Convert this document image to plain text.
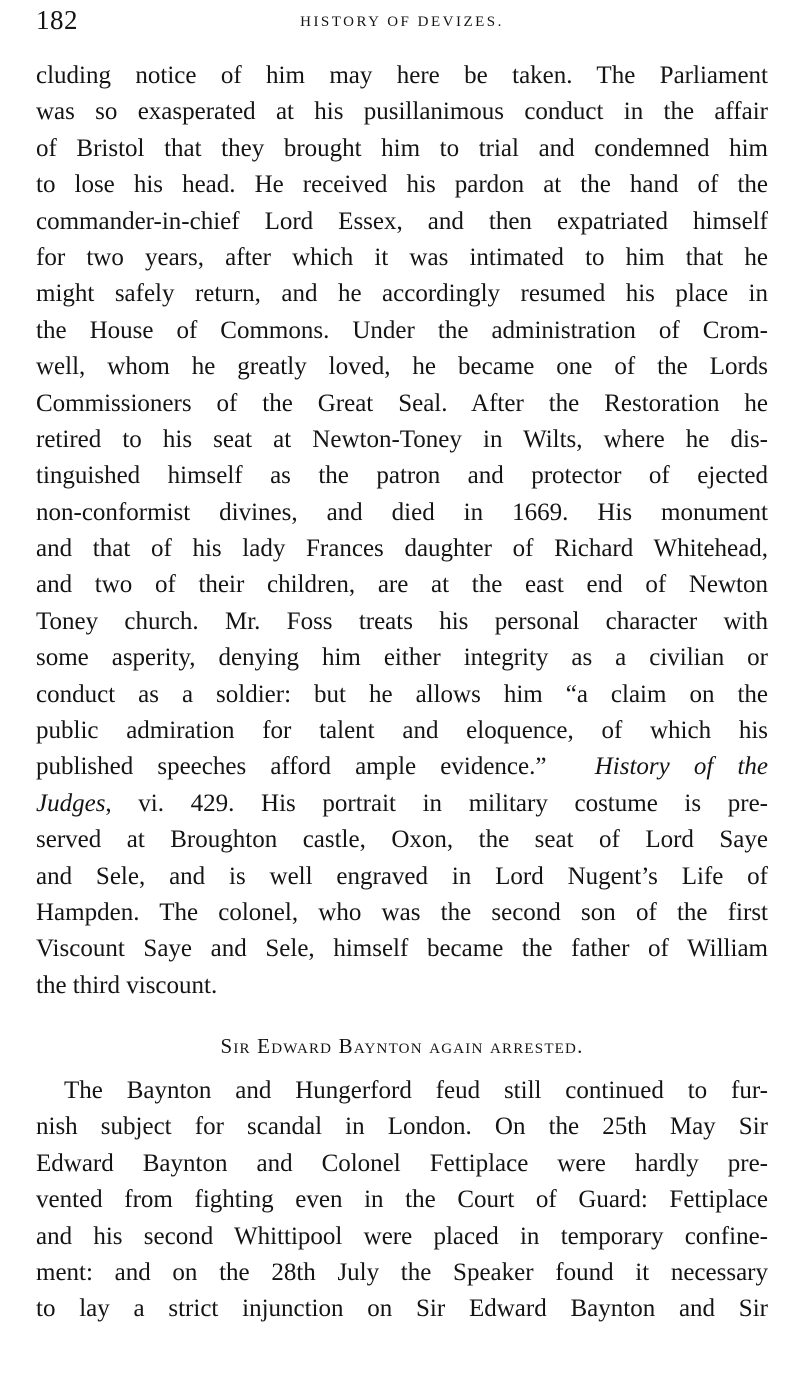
182	HISTORY OF DEVIZES.
cluding notice of him may here be taken. The Parliament
was so exasperated at his pusillanimous conduct in the affair
of Bristol that they brought him to trial and condemned him
to lose his head. He received his pardon at the hand of the
commander-in-chief Lord Essex, and then expatriated himself
for two years, after which it was intimated to him that he
might safely return, and he accordingly resumed his place in
the House of Commons. Under the administration of Crom-
well, whom he greatly loved, he became one of the Lords
Commissioners of the Great Seal. After the Restoration he
retired to his seat at Newton-Toney in Wilts, where he dis-
tinguished himself as the patron and protector of ejected
non-conformist divines, and died in 1669. His monument
and that of his lady Frances daughter of Richard Whitehead,
and two of their children, are at the east end of Newton
Toney church. Mr. Foss treats his personal character with
some asperity, denying him either integrity as a civilian or
conduct as a soldier: but he allows him “a claim on the
public admiration for talent and eloquence, of which his
published speeches afford ample evidence.” History of the
Judges, vi. 429. His portrait in military costume is pre-
served at Broughton castle, Oxon, the seat of Lord Saye
and Sele, and is well engraved in Lord Nugent’s Life of
Hampden. The colonel, who was the second son of the first
Viscount Saye and Sele, himself became the father of William
the third viscount.
Sir Edward Baynton again arrested.
The Baynton and Hungerford feud still continued to fur-
nish subject for scandal in London. On the 25th May Sir
Edward Baynton and Colonel Fettiplace were hardly pre-
vented from fighting even in the Court of Guard: Fettiplace
and his second Whittipool were placed in temporary confine-
ment: and on the 28th July the Speaker found it necessary
to lay a strict injunction on Sir Edward Baynton and Sir
